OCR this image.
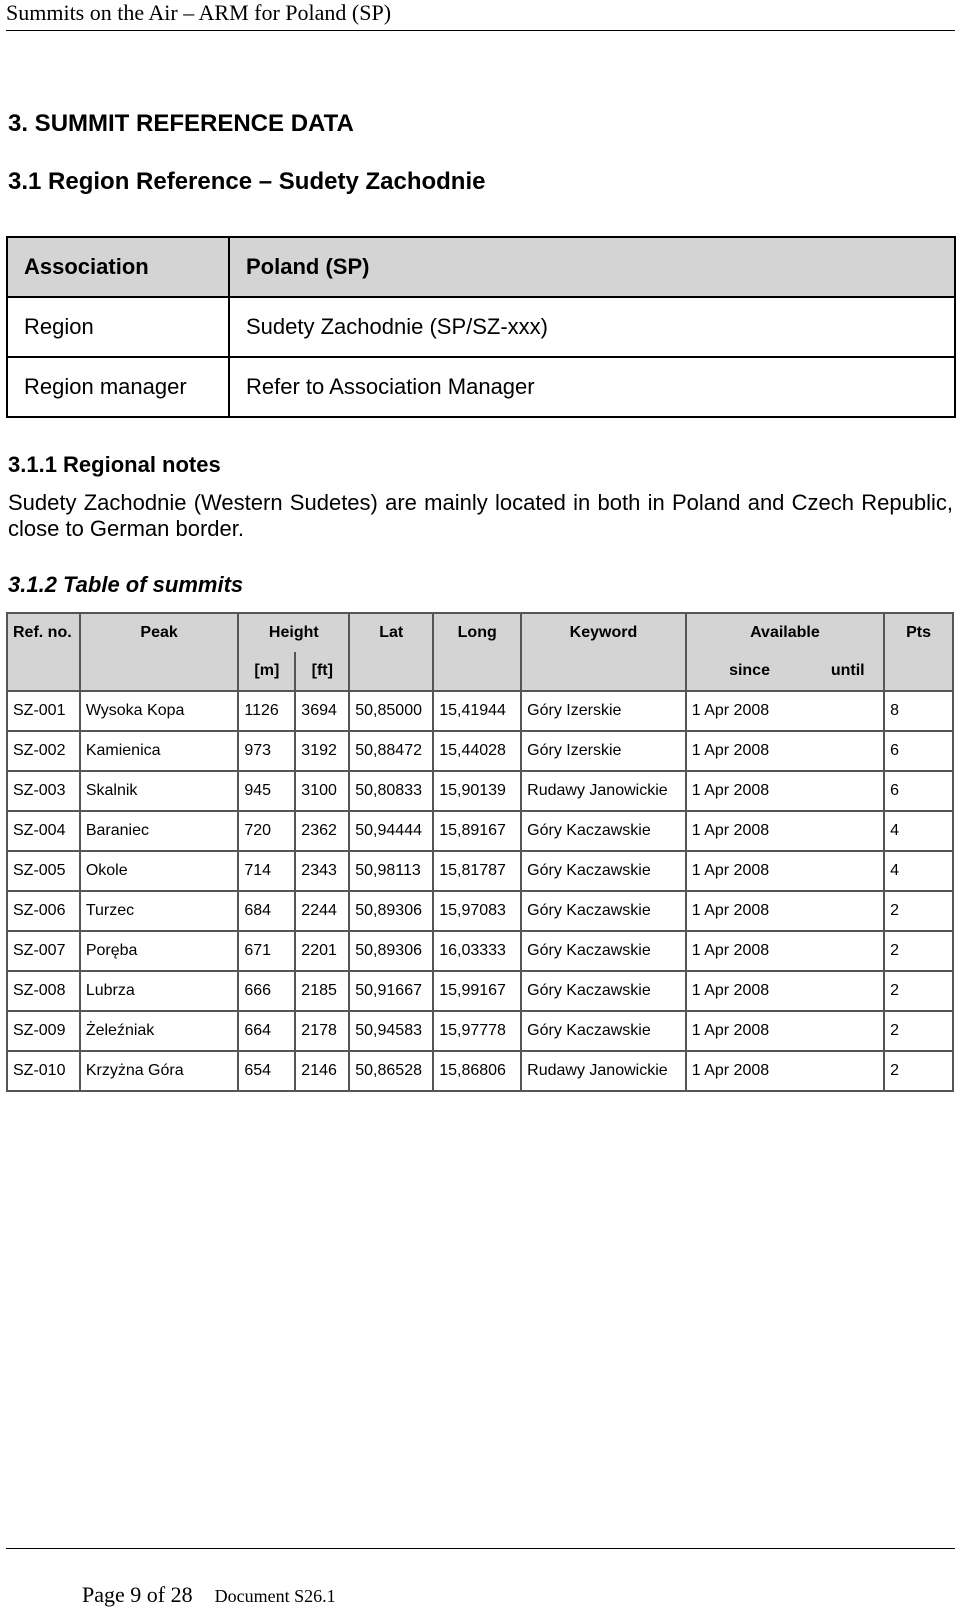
Summits on the Air – ARM for Poland (SP)
3. SUMMIT REFERENCE DATA
3.1 Region Reference – Sudety Zachodnie
Association	Poland (SP)
Region	Sudety Zachodnie (SP/SZ-xxx)
Region manager	Refer to Association Manager
3.1.1 Regional notes
Sudety Zachodnie (Western Sudetes) are mainly located in both in Poland and Czech Republic, close to German border.
3.1.2 Table of summits
Ref. no.	Peak	Height		Lat	Long	Keyword	Available		Pts
		[m]	[ft]				since	until	
SZ-001	Wysoka Kopa	1126	3694	50,85000	15,41944	Góry Izerskie	1 Apr 2008		8
SZ-002	Kamienica	973	3192	50,88472	15,44028	Góry Izerskie	1 Apr 2008		6
SZ-003	Skalnik	945	3100	50,80833	15,90139	Rudawy Janowickie	1 Apr 2008		6
SZ-004	Baraniec	720	2362	50,94444	15,89167	Góry Kaczawskie	1 Apr 2008		4
SZ-005	Okole	714	2343	50,98113	15,81787	Góry Kaczawskie	1 Apr 2008		4
SZ-006	Turzec	684	2244	50,89306	15,97083	Góry Kaczawskie	1 Apr 2008		2
SZ-007	Poręba	671	2201	50,89306	16,03333	Góry Kaczawskie	1 Apr 2008		2
SZ-008	Lubrza	666	2185	50,91667	15,99167	Góry Kaczawskie	1 Apr 2008		2
SZ-009	Żeleźniak	664	2178	50,94583	15,97778	Góry Kaczawskie	1 Apr 2008		2
SZ-010	Krzyżna Góra	654	2146	50,86528	15,86806	Rudawy Janowickie	1 Apr 2008		2
Page 9 of 28 Document S26.1
